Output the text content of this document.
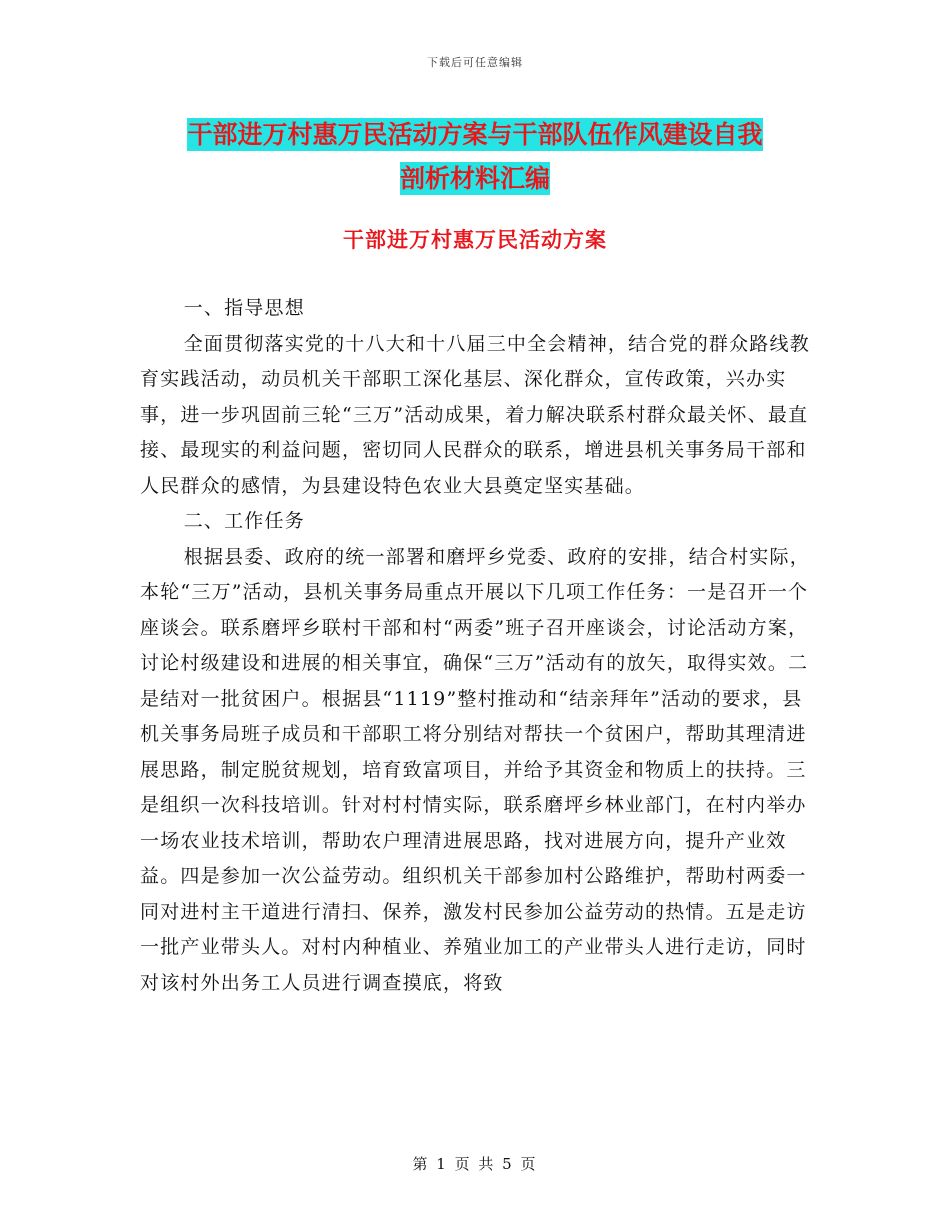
下载后可任意编辑
干部进万村惠万民活动方案与干部队伍作风建设自我
剖析材料汇编
干部进万村惠万民活动方案

一、指导思想

全面贯彻落实党的十八大和十八届三中全会精神，结合党的群众路线教育实践活动，动员机关干部职工深化基层、深化群众，宣传政策，兴办实事，进一步巩固前三轮“三万”活动成果，着力解决联系村群众最关怀、最直接、最现实的利益问题，密切同人民群众的联系，增进县机关事务局干部和人民群众的感情，为县建设特色农业大县奠定坚实基础。

二、工作任务

根据县委、政府的统一部署和磨坪乡党委、政府的安排，结合村实际，本轮“三万”活动，县机关事务局重点开展以下几项工作任务：一是召开一个座谈会。联系磨坪乡联村干部和村“两委”班子召开座谈会，讨论活动方案，讨论村级建设和进展的相关事宜，确保“三万”活动有的放矢，取得实效。二是结对一批贫困户。根据县“1119”整村推动和“结亲拜年”活动的要求，县机关事务局班子成员和干部职工将分别结对帮扶一个贫困户，帮助其理清进展思路，制定脱贫规划，培育致富项目，并给予其资金和物质上的扶持。三是组织一次科技培训。针对村村情实际，联系磨坪乡林业部门，在村内举办一场农业技术培训，帮助农户理清进展思路，找对进展方向，提升产业效益。四是参加一次公益劳动。组织机关干部参加村公路维护，帮助村两委一同对进村主干道进行清扫、保养，激发村民参加公益劳动的热情。五是走访一批产业带头人。对村内种植业、养殖业加工的产业带头人进行走访，同时对该村外出务工人员进行调查摸底，将致

第 1 页 共 5 页
